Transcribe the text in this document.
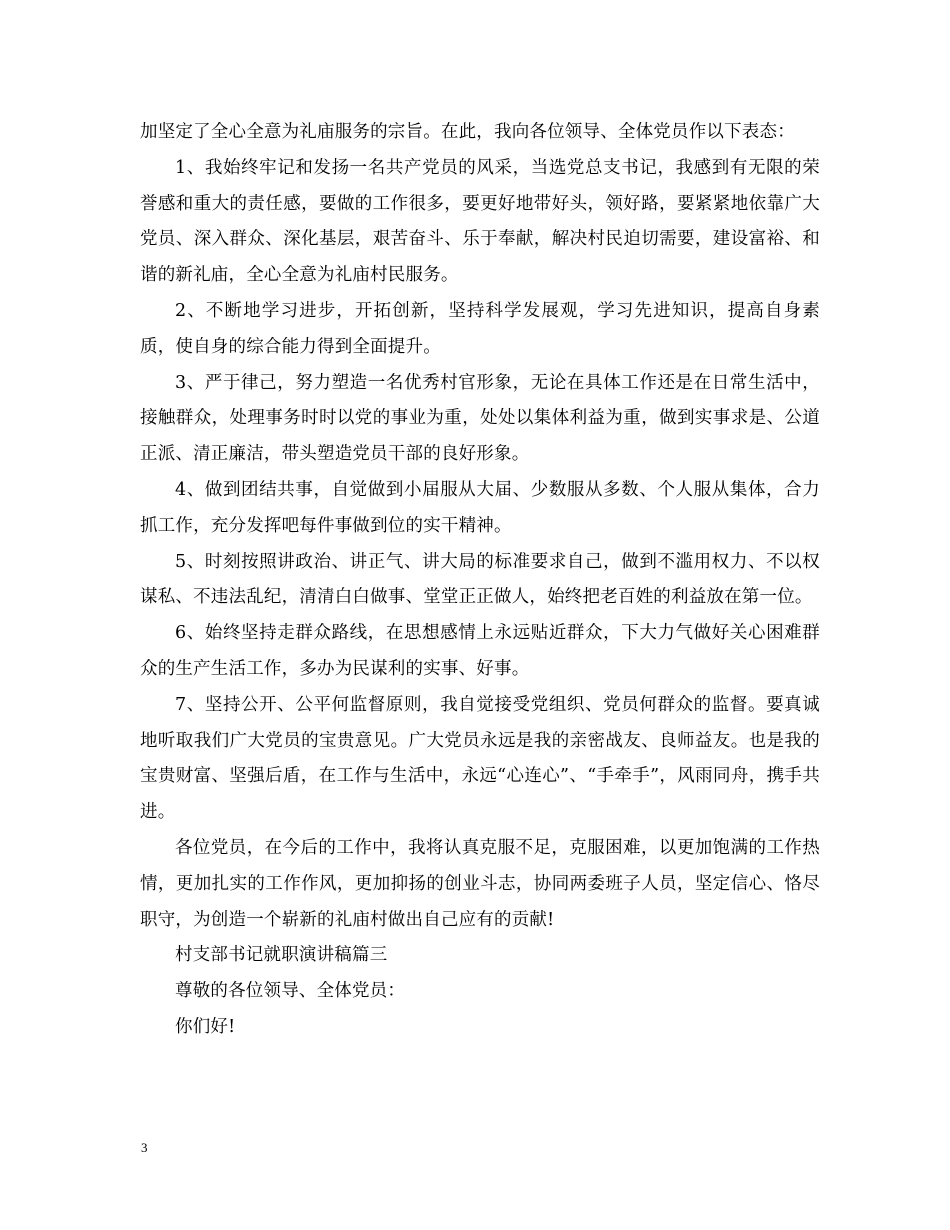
加坚定了全心全意为礼庙服务的宗旨。在此，我向各位领导、全体党员作以下表态：

1、我始终牢记和发扬一名共产党员的风采，当选党总支书记，我感到有无限的荣誉感和重大的责任感，要做的工作很多，要更好地带好头，领好路，要紧紧地依靠广大党员、深入群众、深化基层，艰苦奋斗、乐于奉献，解决村民迫切需要，建设富裕、和谐的新礼庙，全心全意为礼庙村民服务。

2、不断地学习进步，开拓创新，坚持科学发展观，学习先进知识，提高自身素质，使自身的综合能力得到全面提升。

3、严于律己，努力塑造一名优秀村官形象，无论在具体工作还是在日常生活中，接触群众，处理事务时时以党的事业为重，处处以集体利益为重，做到实事求是、公道正派、清正廉洁，带头塑造党员干部的良好形象。

4、做到团结共事，自觉做到小届服从大届、少数服从多数、个人服从集体，合力抓工作，充分发挥吧每件事做到位的实干精神。

5、时刻按照讲政治、讲正气、讲大局的标准要求自己，做到不滥用权力、不以权谋私、不违法乱纪，清清白白做事、堂堂正正做人，始终把老百姓的利益放在第一位。

6、始终坚持走群众路线，在思想感情上永远贴近群众，下大力气做好关心困难群众的生产生活工作，多办为民谋利的实事、好事。

7、坚持公开、公平何监督原则，我自觉接受党组织、党员何群众的监督。要真诚地听取我们广大党员的宝贵意见。广大党员永远是我的亲密战友、良师益友。也是我的宝贵财富、坚强后盾，在工作与生活中，永远“心连心”、“手牵手”，风雨同舟，携手共进。

各位党员，在今后的工作中，我将认真克服不足，克服困难，以更加饱满的工作热情，更加扎实的工作作风，更加抑扬的创业斗志，协同两委班子人员，坚定信心、恪尽职守，为创造一个崭新的礼庙村做出自己应有的贡献!

村支部书记就职演讲稿篇三

尊敬的各位领导、全体党员：

你们好!

3
